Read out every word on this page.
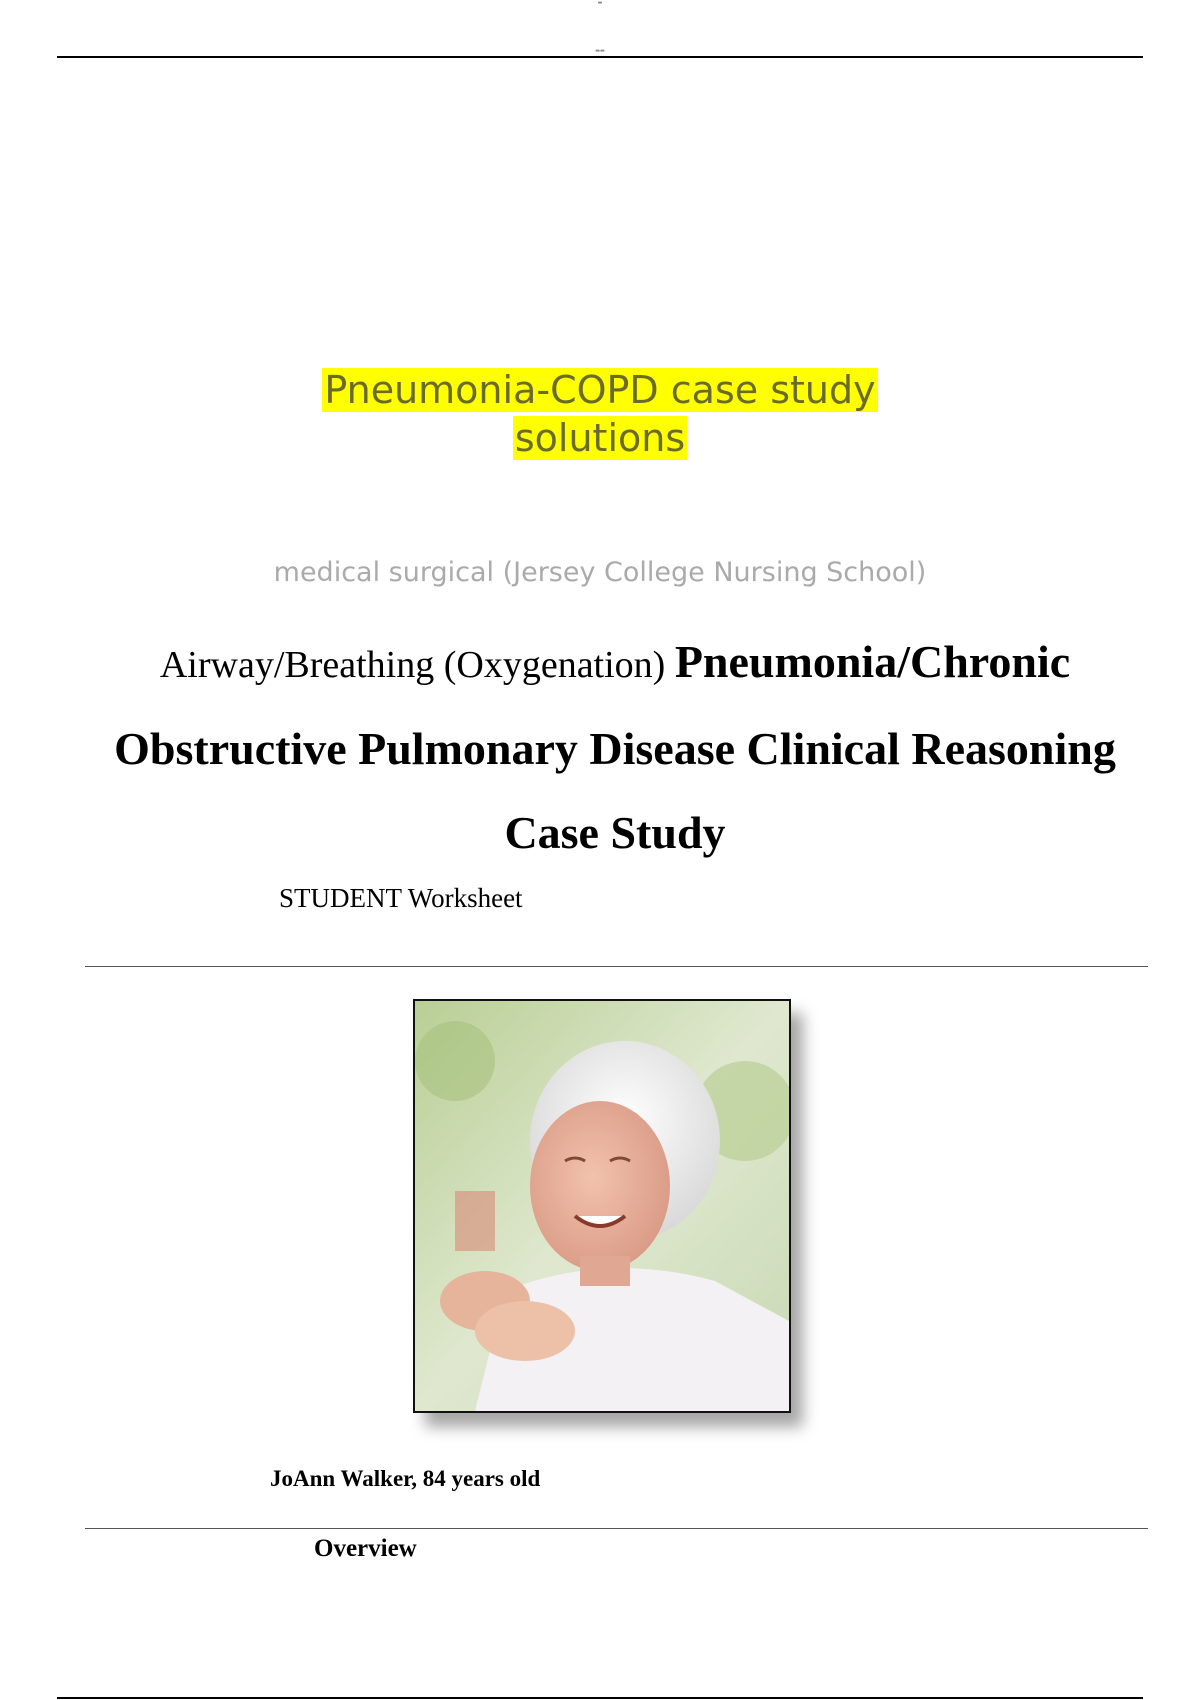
▬
▬▬
Pneumonia-COPD case study
solutions
medical surgical (Jersey College Nursing School)
Airway/Breathing (Oxygenation) Pneumonia/Chronic
Obstructive Pulmonary Disease Clinical Reasoning
Case Study
STUDENT Worksheet
JoAnn Walker, 84 years old
Overview
